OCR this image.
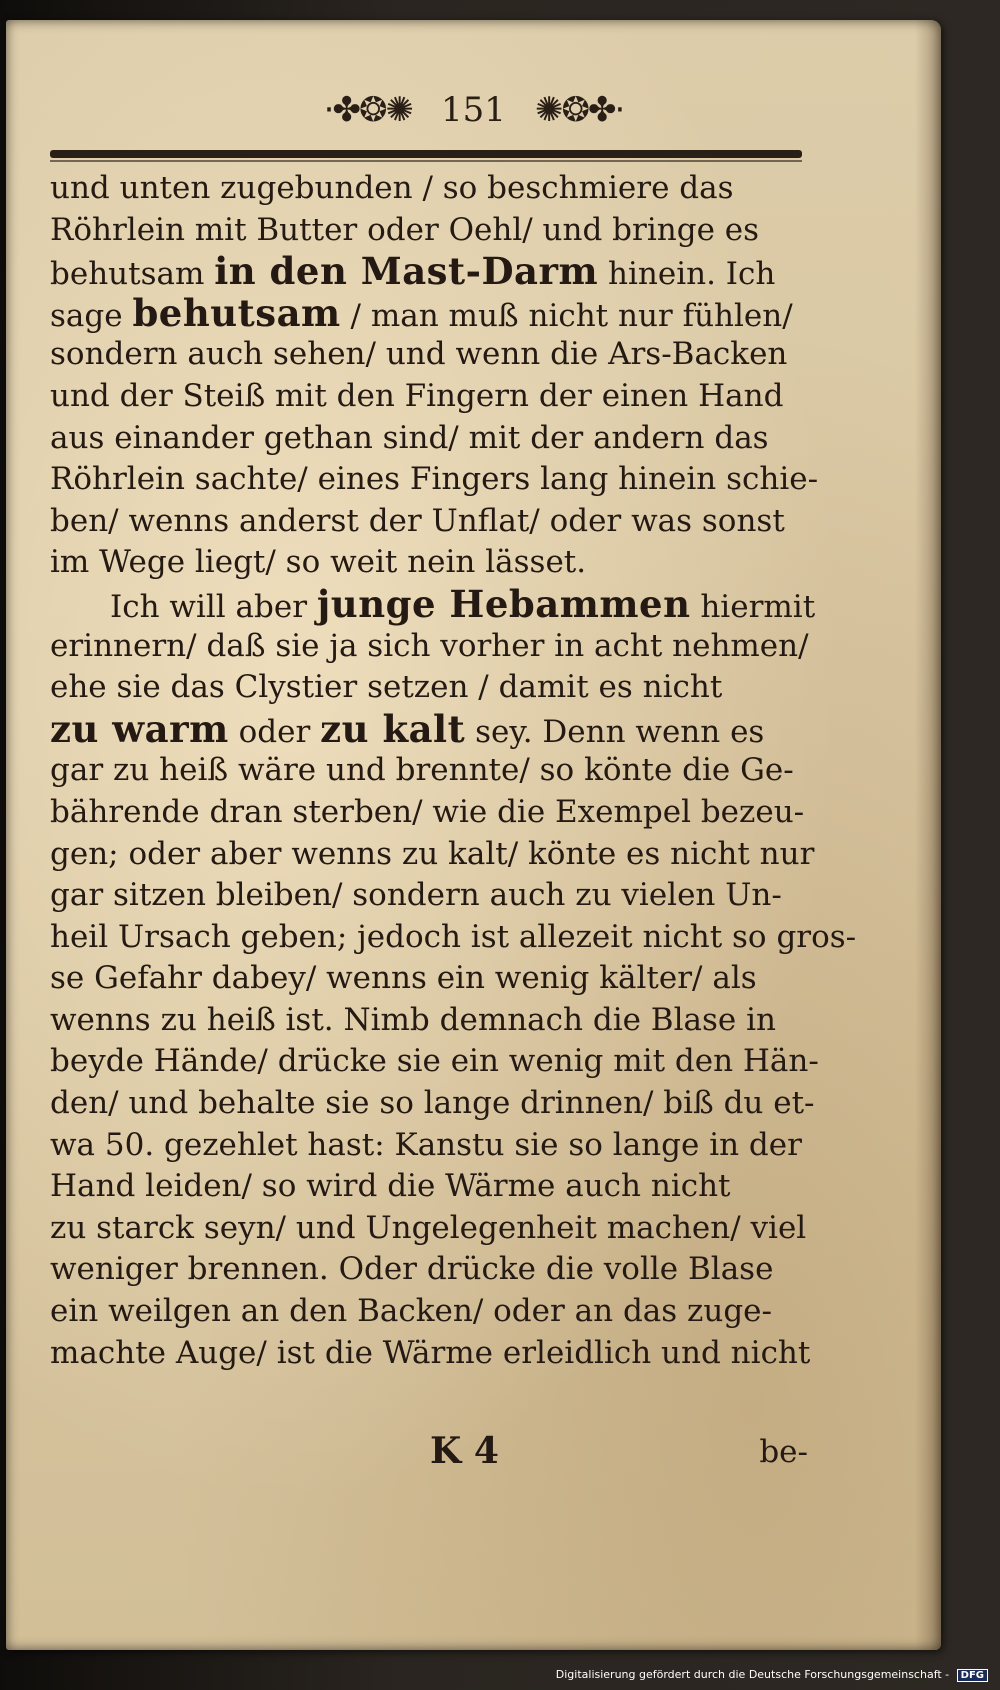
·✤❂✺ 151 ✺❂✤·
und unten zugebunden / so beschmiere das
Röhrlein mit Butter oder Oehl/ und bringe es
behutsam in den Mast-Darm hinein. Ich
sage behutsam / man muß nicht nur fühlen/
sondern auch sehen/ und wenn die Ars-Backen
und der Steiß mit den Fingern der einen Hand
aus einander gethan sind/ mit der andern das
Röhrlein sachte/ eines Fingers lang hinein schie-
ben/ wenns anderst der Unflat/ oder was sonst
im Wege liegt/ so weit nein lässet.
Ich will aber junge Hebammen hiermit
erinnern/ daß sie ja sich vorher in acht nehmen/
ehe sie das Clystier setzen / damit es nicht
zu warm oder zu kalt sey. Denn wenn es
gar zu heiß wäre und brennte/ so könte die Ge-
bährende dran sterben/ wie die Exempel bezeu-
gen; oder aber wenns zu kalt/ könte es nicht nur
gar sitzen bleiben/ sondern auch zu vielen Un-
heil Ursach geben; jedoch ist allezeit nicht so gros-
se Gefahr dabey/ wenns ein wenig kälter/ als
wenns zu heiß ist. Nimb demnach die Blase in
beyde Hände/ drücke sie ein wenig mit den Hän-
den/ und behalte sie so lange drinnen/ biß du et-
wa 50. gezehlet hast: Kanstu sie so lange in der
Hand leiden/ so wird die Wärme auch nicht
zu starck seyn/ und Ungelegenheit machen/ viel
weniger brennen. Oder drücke die volle Blase
ein weilgen an den Backen/ oder an das zuge-
machte Auge/ ist die Wärme erleidlich und nicht
K 4	be-
Digitalisierung gefördert durch die Deutsche Forschungsgemeinschaft - DFG
